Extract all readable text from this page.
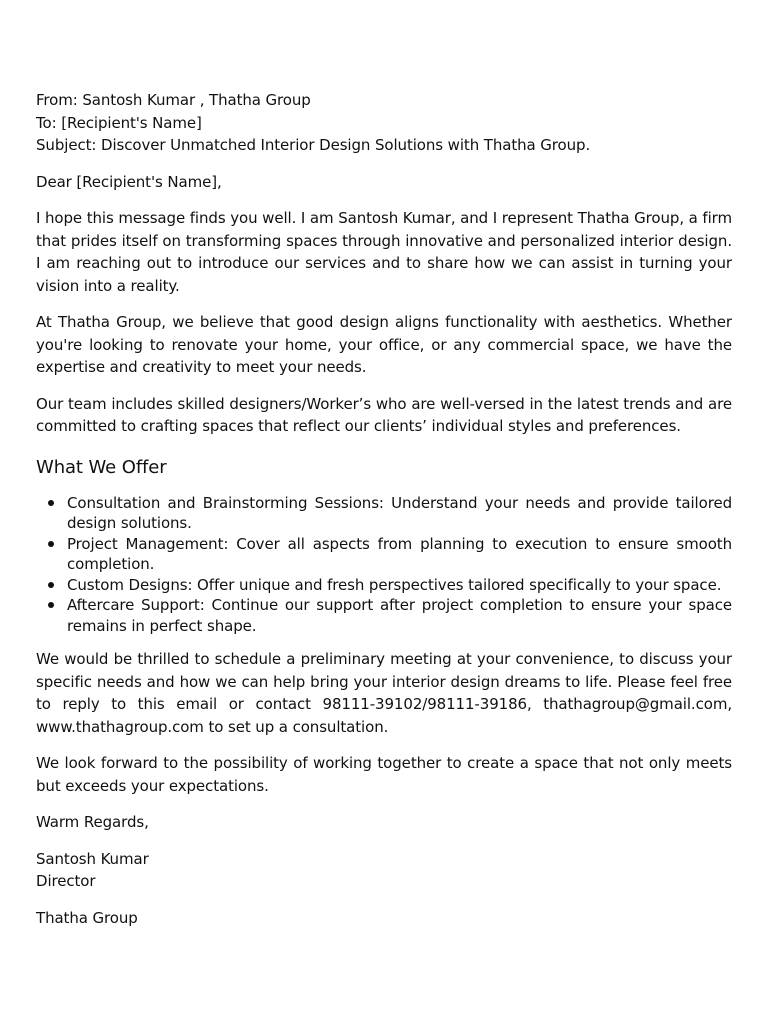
From: Santosh Kumar , Thatha Group

To: [Recipient's Name]

Subject: Discover Unmatched Interior Design Solutions with Thatha Group.

Dear [Recipient's Name],

I hope this message finds you well. I am Santosh Kumar, and I represent Thatha Group, a firm that prides itself on transforming spaces through innovative and personalized interior design. I am reaching out to introduce our services and to share how we can assist in turning your vision into a reality.

At Thatha Group, we believe that good design aligns functionality with aesthetics. Whether you're looking to renovate your home, your office, or any commercial space, we have the expertise and creativity to meet your needs.

Our team includes skilled designers/Worker’s who are well-versed in the latest trends and are committed to crafting spaces that reflect our clients’ individual styles and preferences.

What We Offer
Consultation and Brainstorming Sessions: Understand your needs and provide tailored design solutions.
Project Management: Cover all aspects from planning to execution to ensure smooth completion.
Custom Designs: Offer unique and fresh perspectives tailored specifically to your space.
Aftercare Support: Continue our support after project completion to ensure your space remains in perfect shape.

We would be thrilled to schedule a preliminary meeting at your convenience, to discuss your specific needs and how we can help bring your interior design dreams to life. Please feel free to reply to this email or contact 98111-39102/98111-39186, thathagroup@gmail.com, www.thathagroup.com to set up a consultation.

We look forward to the possibility of working together to create a space that not only meets but exceeds your expectations.

Warm Regards,

Santosh Kumar

Director

Thatha Group
